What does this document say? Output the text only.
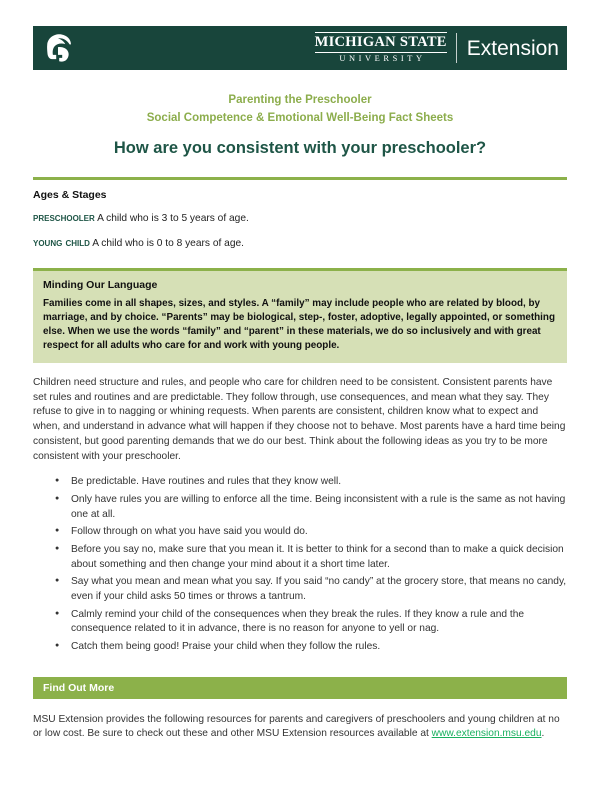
MICHIGAN STATE
UNIVERSITY	Extension
Parenting the Preschooler
Social Competence & Emotional Well-Being Fact Sheets
How are you consistent with your preschooler?
Ages & Stages
preschooler A child who is 3 to 5 years of age.
young child A child who is 0 to 8 years of age.
Minding Our Language
Families come in all shapes, sizes, and styles. A “family” may include people who are related by blood, by marriage, and by choice. “Parents” may be biological, step-, foster, adoptive, legally appointed, or something else. When we use the words “family” and “parent” in these materials, we do so inclusively and with great respect for all adults who care for and work with young people.
Children need structure and rules, and people who care for children need to be consistent. Consistent parents have set rules and routines and are predictable. They follow through, use consequences, and mean what they say. They refuse to give in to nagging or whining requests. When parents are consistent, children know what to expect and when, and understand in advance what will happen if they choose not to behave. Most parents have a hard time being consistent, but good parenting demands that we do our best. Think about the following ideas as you try to be more consistent with your preschooler.
● Be predictable. Have routines and rules that they know well.
● Only have rules you are willing to enforce all the time. Being inconsistent with a rule is the same as not having one at all.
● Follow through on what you have said you would do.
● Before you say no, make sure that you mean it. It is better to think for a second than to make a quick decision about something and then change your mind about it a short time later.
● Say what you mean and mean what you say. If you said “no candy” at the grocery store, that means no candy, even if your child asks 50 times or throws a tantrum.
● Calmly remind your child of the consequences when they break the rules. If they know a rule and the consequence related to it in advance, there is no reason for anyone to yell or nag.
● Catch them being good! Praise your child when they follow the rules.
Find Out More
MSU Extension provides the following resources for parents and caregivers of preschoolers and young children at no or low cost. Be sure to check out these and other MSU Extension resources available at www.extension.msu.edu.
